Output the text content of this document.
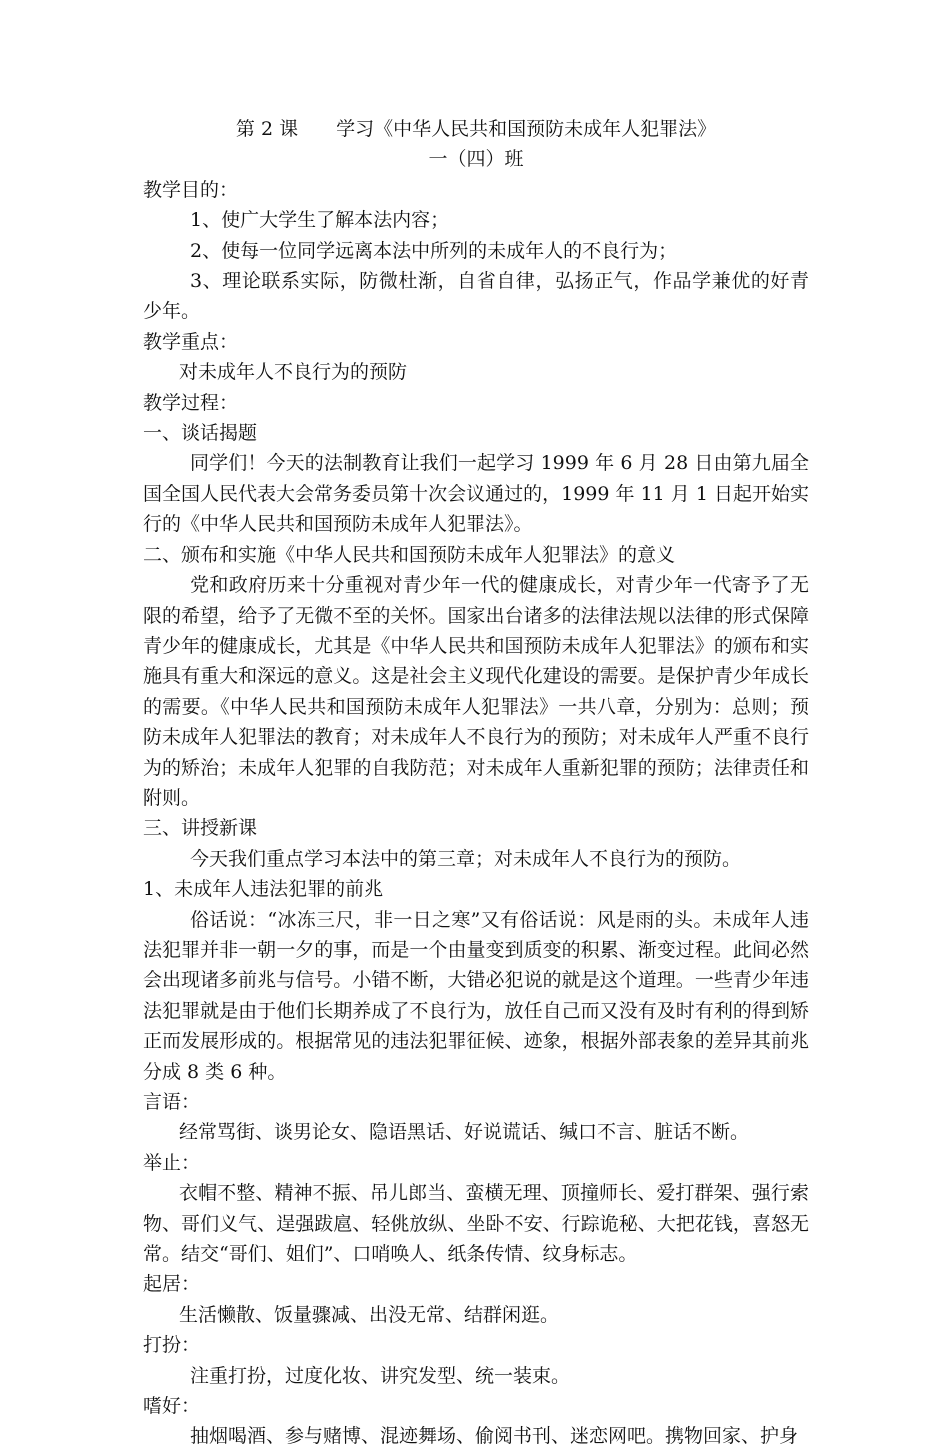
第 2 课　　学习《中华人民共和国预防未成年人犯罪法》

一（四）班

教学目的：

1、使广大学生了解本法内容；

2、使每一位同学远离本法中所列的未成年人的不良行为；

3、理论联系实际，防微杜渐，自省自律，弘扬正气，作品学兼优的好青少年。

教学重点：

对未成年人不良行为的预防

教学过程：

一、谈话揭题

同学们！今天的法制教育让我们一起学习 1999 年 6 月 28 日由第九届全国全国人民代表大会常务委员第十次会议通过的，1999 年 11 月 1 日起开始实行的《中华人民共和国预防未成年人犯罪法》。

二、颁布和实施《中华人民共和国预防未成年人犯罪法》的意义

党和政府历来十分重视对青少年一代的健康成长，对青少年一代寄予了无限的希望，给予了无微不至的关怀。国家出台诸多的法律法规以法律的形式保障青少年的健康成长，尤其是《中华人民共和国预防未成年人犯罪法》的颁布和实施具有重大和深远的意义。这是社会主义现代化建设的需要。是保护青少年成长的需要。《中华人民共和国预防未成年人犯罪法》一共八章，分别为：总则；预防未成年人犯罪法的教育；对未成年人不良行为的预防；对未成年人严重不良行为的矫治；未成年人犯罪的自我防范；对未成年人重新犯罪的预防；法律责任和附则。

三、讲授新课

今天我们重点学习本法中的第三章；对未成年人不良行为的预防。

1、未成年人违法犯罪的前兆

俗话说：“冰冻三尺，非一日之寒”又有俗话说：风是雨的头。未成年人违法犯罪并非一朝一夕的事，而是一个由量变到质变的积累、渐变过程。此间必然会出现诸多前兆与信号。小错不断，大错必犯说的就是这个道理。一些青少年违法犯罪就是由于他们长期养成了不良行为，放任自己而又没有及时有利的得到矫正而发展形成的。根据常见的违法犯罪征候、迹象，根据外部表象的差异其前兆分成 8 类 6 种。

言语：

经常骂街、谈男论女、隐语黑话、好说谎话、缄口不言、脏话不断。

举止：

衣帽不整、精神不振、吊儿郎当、蛮横无理、顶撞师长、爱打群架、强行索物、哥们义气、逞强跋扈、轻佻放纵、坐卧不安、行踪诡秘、大把花钱，喜怒无常。结交“哥们、姐们”、口哨唤人、纸条传情、纹身标志。

起居：

生活懒散、饭量骤减、出没无常、结群闲逛。

打扮：

注重打扮，过度化妆、讲究发型、统一装束。

嗜好：

抽烟喝酒、参与赌博、混迹舞场、偷阅书刊、迷恋网吧。携物回家、护身
